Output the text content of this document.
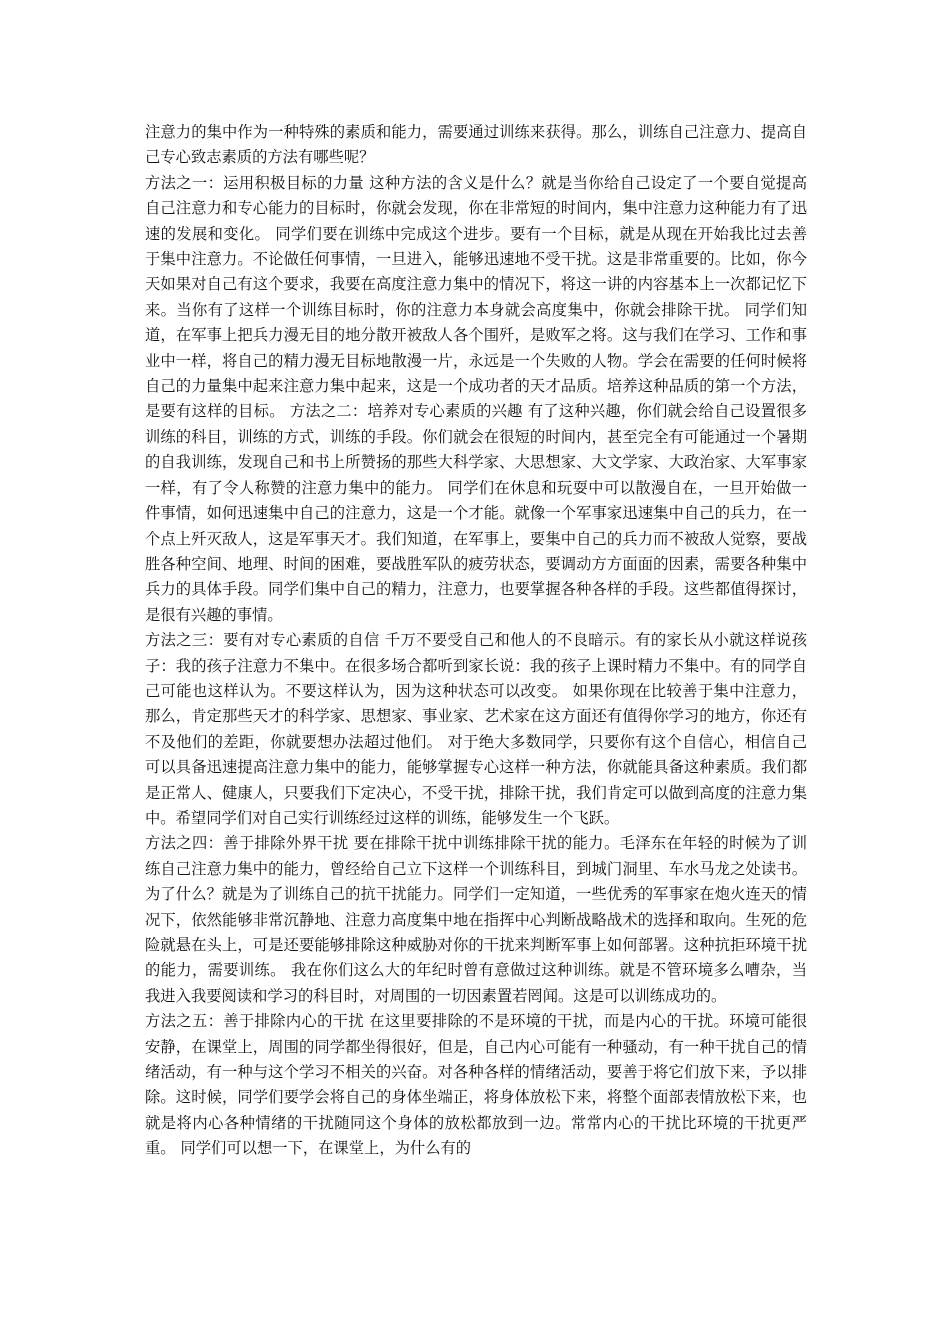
注意力的集中作为一种特殊的素质和能力，需要通过训练来获得。那么，训练自己注意力、提高自己专心致志素质的方法有哪些呢？

方法之一：运用积极目标的力量 这种方法的含义是什么？就是当你给自己设定了一个要自觉提高自己注意力和专心能力的目标时，你就会发现，你在非常短的时间内，集中注意力这种能力有了迅速的发展和变化。 同学们要在训练中完成这个进步。要有一个目标，就是从现在开始我比过去善于集中注意力。不论做任何事情，一旦进入，能够迅速地不受干扰。这是非常重要的。比如，你今天如果对自己有这个要求，我要在高度注意力集中的情况下，将这一讲的内容基本上一次都记忆下来。当你有了这样一个训练目标时，你的注意力本身就会高度集中，你就会排除干扰。 同学们知道，在军事上把兵力漫无目的地分散开被敌人各个围歼，是败军之将。这与我们在学习、工作和事业中一样，将自己的精力漫无目标地散漫一片，永远是一个失败的人物。学会在需要的任何时候将自己的力量集中起来注意力集中起来，这是一个成功者的天才品质。培养这种品质的第一个方法，是要有这样的目标。 方法之二：培养对专心素质的兴趣 有了这种兴趣，你们就会给自己设置很多训练的科目，训练的方式，训练的手段。你们就会在很短的时间内，甚至完全有可能通过一个暑期的自我训练，发现自己和书上所赞扬的那些大科学家、大思想家、大文学家、大政治家、大军事家一样，有了令人称赞的注意力集中的能力。 同学们在休息和玩耍中可以散漫自在，一旦开始做一件事情，如何迅速集中自己的注意力，这是一个才能。就像一个军事家迅速集中自己的兵力，在一个点上歼灭敌人，这是军事天才。我们知道，在军事上，要集中自己的兵力而不被敌人觉察，要战胜各种空间、地理、时间的困难，要战胜军队的疲劳状态，要调动方方面面的因素，需要各种集中兵力的具体手段。同学们集中自己的精力，注意力，也要掌握各种各样的手段。这些都值得探讨，是很有兴趣的事情。

方法之三：要有对专心素质的自信 千万不要受自己和他人的不良暗示。有的家长从小就这样说孩子：我的孩子注意力不集中。在很多场合都听到家长说：我的孩子上课时精力不集中。有的同学自己可能也这样认为。不要这样认为，因为这种状态可以改变。 如果你现在比较善于集中注意力，那么，肯定那些天才的科学家、思想家、事业家、艺术家在这方面还有值得你学习的地方，你还有不及他们的差距，你就要想办法超过他们。 对于绝大多数同学，只要你有这个自信心，相信自己可以具备迅速提高注意力集中的能力，能够掌握专心这样一种方法，你就能具备这种素质。我们都是正常人、健康人，只要我们下定决心，不受干扰，排除干扰，我们肯定可以做到高度的注意力集中。希望同学们对自己实行训练经过这样的训练，能够发生一个飞跃。

方法之四：善于排除外界干扰 要在排除干扰中训练排除干扰的能力。毛泽东在年轻的时候为了训练自己注意力集中的能力，曾经给自己立下这样一个训练科目，到城门洞里、车水马龙之处读书。为了什么？就是为了训练自己的抗干扰能力。同学们一定知道，一些优秀的军事家在炮火连天的情况下，依然能够非常沉静地、注意力高度集中地在指挥中心判断战略战术的选择和取向。生死的危险就悬在头上，可是还要能够排除这种威胁对你的干扰来判断军事上如何部署。这种抗拒环境干扰的能力，需要训练。 我在你们这么大的年纪时曾有意做过这种训练。就是不管环境多么嘈杂，当我进入我要阅读和学习的科目时，对周围的一切因素置若罔闻。这是可以训练成功的。

方法之五：善于排除内心的干扰 在这里要排除的不是环境的干扰，而是内心的干扰。环境可能很安静，在课堂上，周围的同学都坐得很好，但是，自己内心可能有一种骚动，有一种干扰自己的情绪活动，有一种与这个学习不相关的兴奋。对各种各样的情绪活动，要善于将它们放下来，予以排除。这时候，同学们要学会将自己的身体坐端正，将身体放松下来，将整个面部表情放松下来，也就是将内心各种情绪的干扰随同这个身体的放松都放到一边。常常内心的干扰比环境的干扰更严重。 同学们可以想一下，在课堂上，为什么有的
